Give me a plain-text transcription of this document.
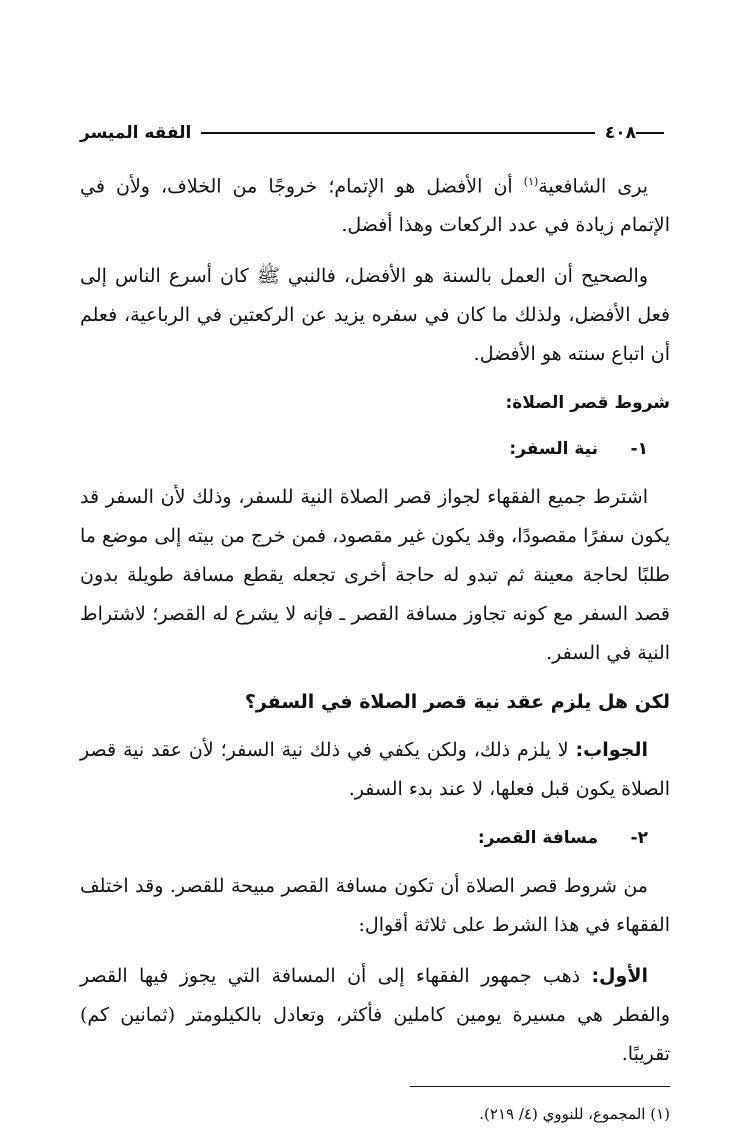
٤٠٨
الفقه الميسر

يرى الشافعية$^{(١)}$ أن الأفضل هو الإتمام؛ خروجًا من الخلاف، ولأن في الإتمام زيادة في عدد الركعات وهذا أفضل.

والصحيح أن العمل بالسنة هو الأفضل، فالنبي ﷺ كان أسرع الناس إلى فعل الأفضل، ولذلك ما كان في سفره يزيد عن الركعتين في الرباعية، فعلم أن اتباع سنته هو الأفضل.

شروط قصر الصلاة:
١-نية السفر:

اشترط جميع الفقهاء لجواز قصر الصلاة النية للسفر، وذلك لأن السفر قد يكون سفرًا مقصودًا، وقد يكون غير مقصود، فمن خرج من بيته إلى موضع ما طلبًا لحاجة معينة ثم تبدو له حاجة أخرى تجعله يقطع مسافة طويلة بدون قصد السفر مع كونه تجاوز مسافة القصر ـ فإنه لا يشرع له القصر؛ لاشتراط النية في السفر.

لكن هل يلزم عقد نية قصر الصلاة في السفر؟

الجواب: لا يلزم ذلك، ولكن يكفي في ذلك نية السفر؛ لأن عقد نية قصر الصلاة يكون قبل فعلها، لا عند بدء السفر.

٢-مسافة القصر:

من شروط قصر الصلاة أن تكون مسافة القصر مبيحة للقصر. وقد اختلف الفقهاء في هذا الشرط على ثلاثة أقوال:

الأول: ذهب جمهور الفقهاء إلى أن المسافة التي يجوز فيها القصر والفطر هي مسيرة يومين كاملين فأكثر، وتعادل بالكيلومتر (ثمانين كم) تقريبًا.

(١) المجموع، للنووي (٤/ ٢١٩).
